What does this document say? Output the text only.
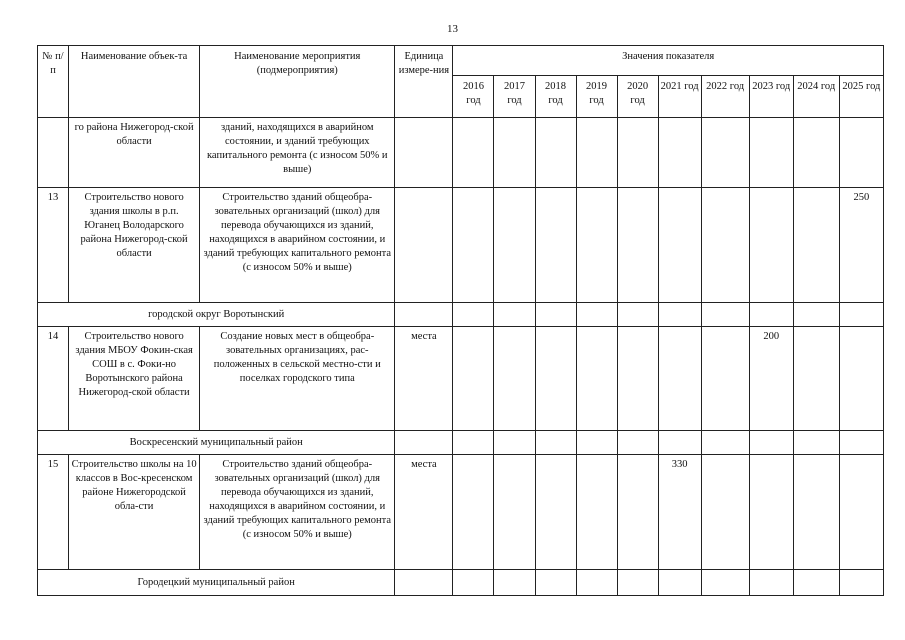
13
№ п/п	Наименование объек-та	Наименование мероприятия (подмероприятия)	Единица измере-ния	Значения показателя									
				2016 год	2017 год	2018 год	2019 год	2020 год	2021 год	2022 год	2023 год	2024 год	2025 год
	го района Нижегород-ской области	зданий, находящихся в аварийном состоянии, и зданий требующих капитального ремонта (с износом 50% и выше)											
13	Строительство нового здания школы в р.п. Юганец Володарского района Нижегород-ской области	Строительство зданий общеобра-зовательных организаций (школ) для перевода обучающихся из зданий, находящихся в аварийном состоянии, и зданий требующих капитального ремонта (с износом 50% и выше)											250
городской округ Воротынский													
14	Строительство нового здания МБОУ Фокин-ская СОШ в с. Фоки-но Воротынского района Нижегород-ской области	Создание новых мест в общеобра-зовательных организациях, рас-положенных в сельской местно-сти и поселках городского типа	места								200		
Воскресенский муниципальный район													
15	Строительство школы на 10 классов в Вос-кресенском районе Нижегородской обла-сти	Строительство зданий общеобра-зовательных организаций (школ) для перевода обучающихся из зданий, находящихся в аварийном состоянии, и зданий требующих капитального ремонта (с износом 50% и выше)	места						330				
Городецкий муниципальный район													
